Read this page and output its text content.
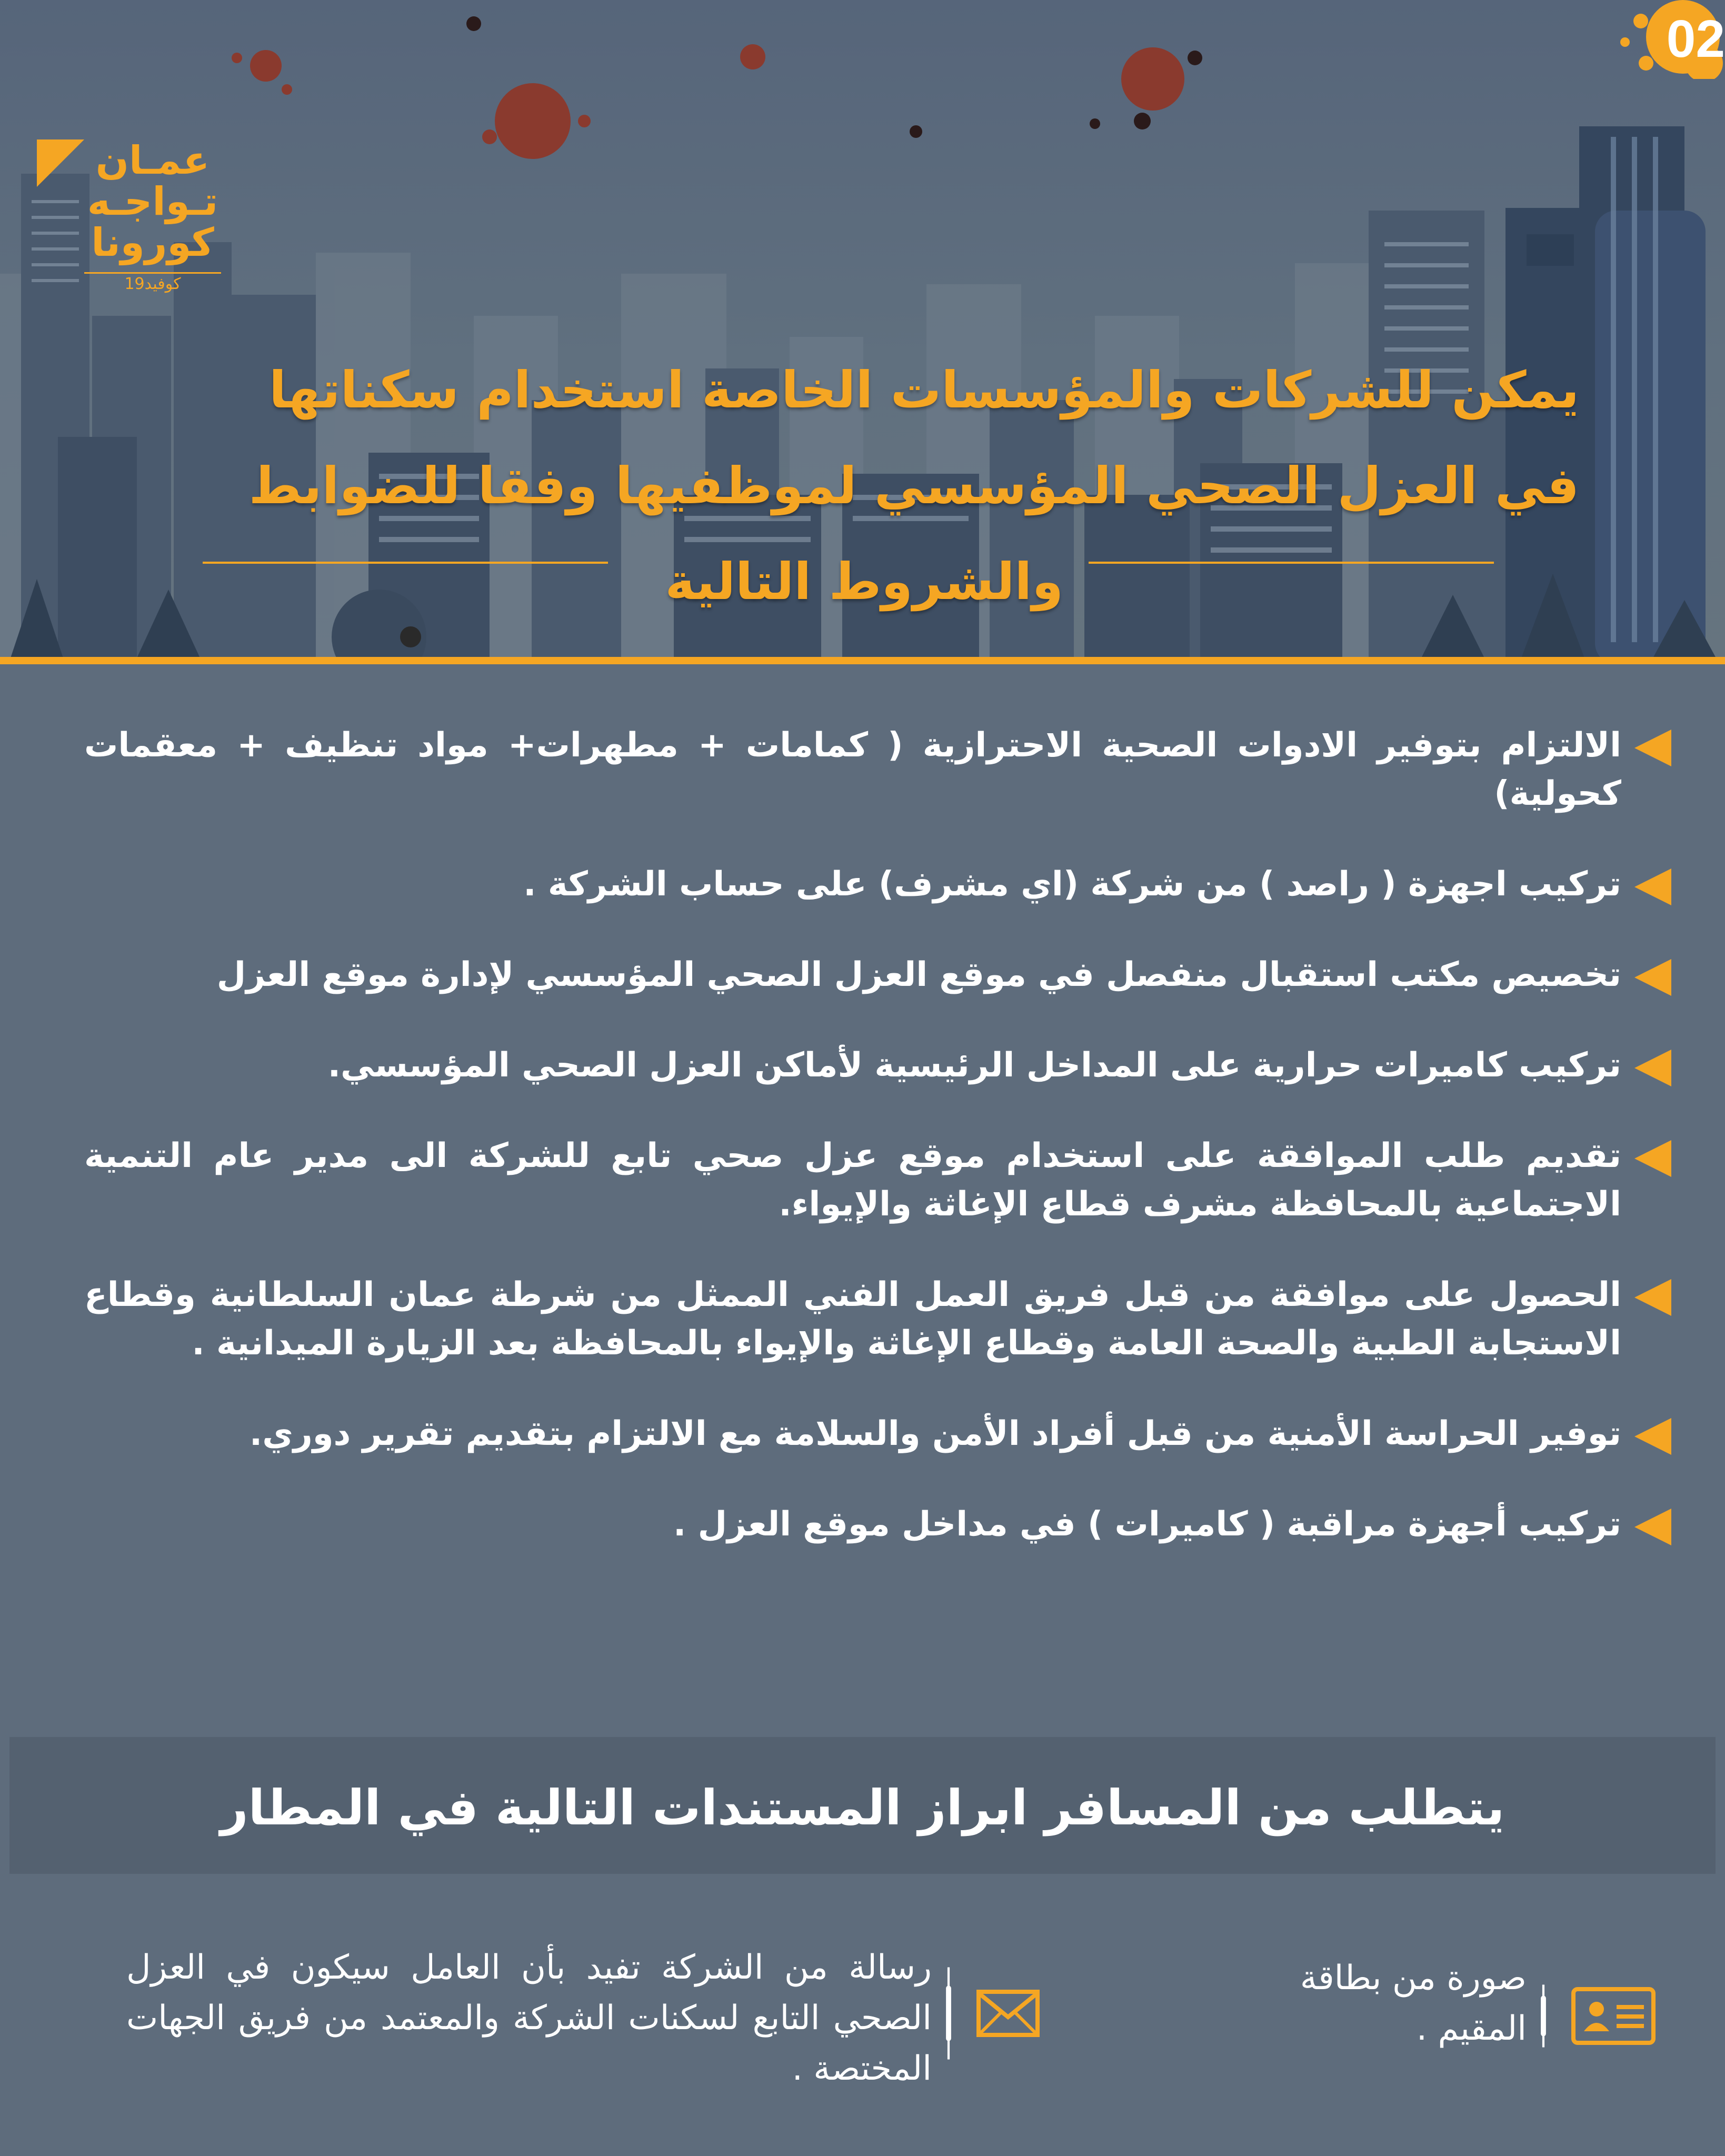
02
عمـان
تـواجـه
كورونا
كوفيد19
يمكن للشركات والمؤسسات الخاصة استخدام سكناتها
في العزل الصحي المؤسسي لموظفيها وفقا للضوابط
والشروط التالية
الالتزام بتوفير الادوات الصحية الاحترازية ( كمامات + مطهرات+ مواد تنظيف + معقمات كحولية)
تركيب اجهزة ( راصد ) من شركة (اي مشرف) على حساب الشركة .
تخصيص مكتب استقبال منفصل في موقع العزل الصحي المؤسسي لإدارة موقع العزل
تركيب كاميرات حرارية على المداخل الرئيسية لأماكن العزل الصحي المؤسسي.
تقديم طلب الموافقة على استخدام موقع عزل صحي تابع للشركة الى مدير عام التنمية الاجتماعية بالمحافظة مشرف قطاع الإغاثة والإيواء.
الحصول على موافقة من قبل فريق العمل الفني الممثل من شرطة عمان السلطانية وقطاع الاستجابة الطبية والصحة العامة وقطاع الإغاثة والإيواء بالمحافظة بعد الزيارة الميدانية .
توفير الحراسة الأمنية من قبل أفراد الأمن والسلامة مع الالتزام بتقديم تقرير دوري.
تركيب أجهزة مراقبة ( كاميرات ) في مداخل موقع العزل .
يتطلب من المسافر ابراز المستندات التالية في المطار
صورة من بطاقة المقيم .
رسالة من الشركة تفيد بأن العامل سيكون في العزل الصحي التابع لسكنات الشركة والمعتمد من فريق الجهات المختصة .
